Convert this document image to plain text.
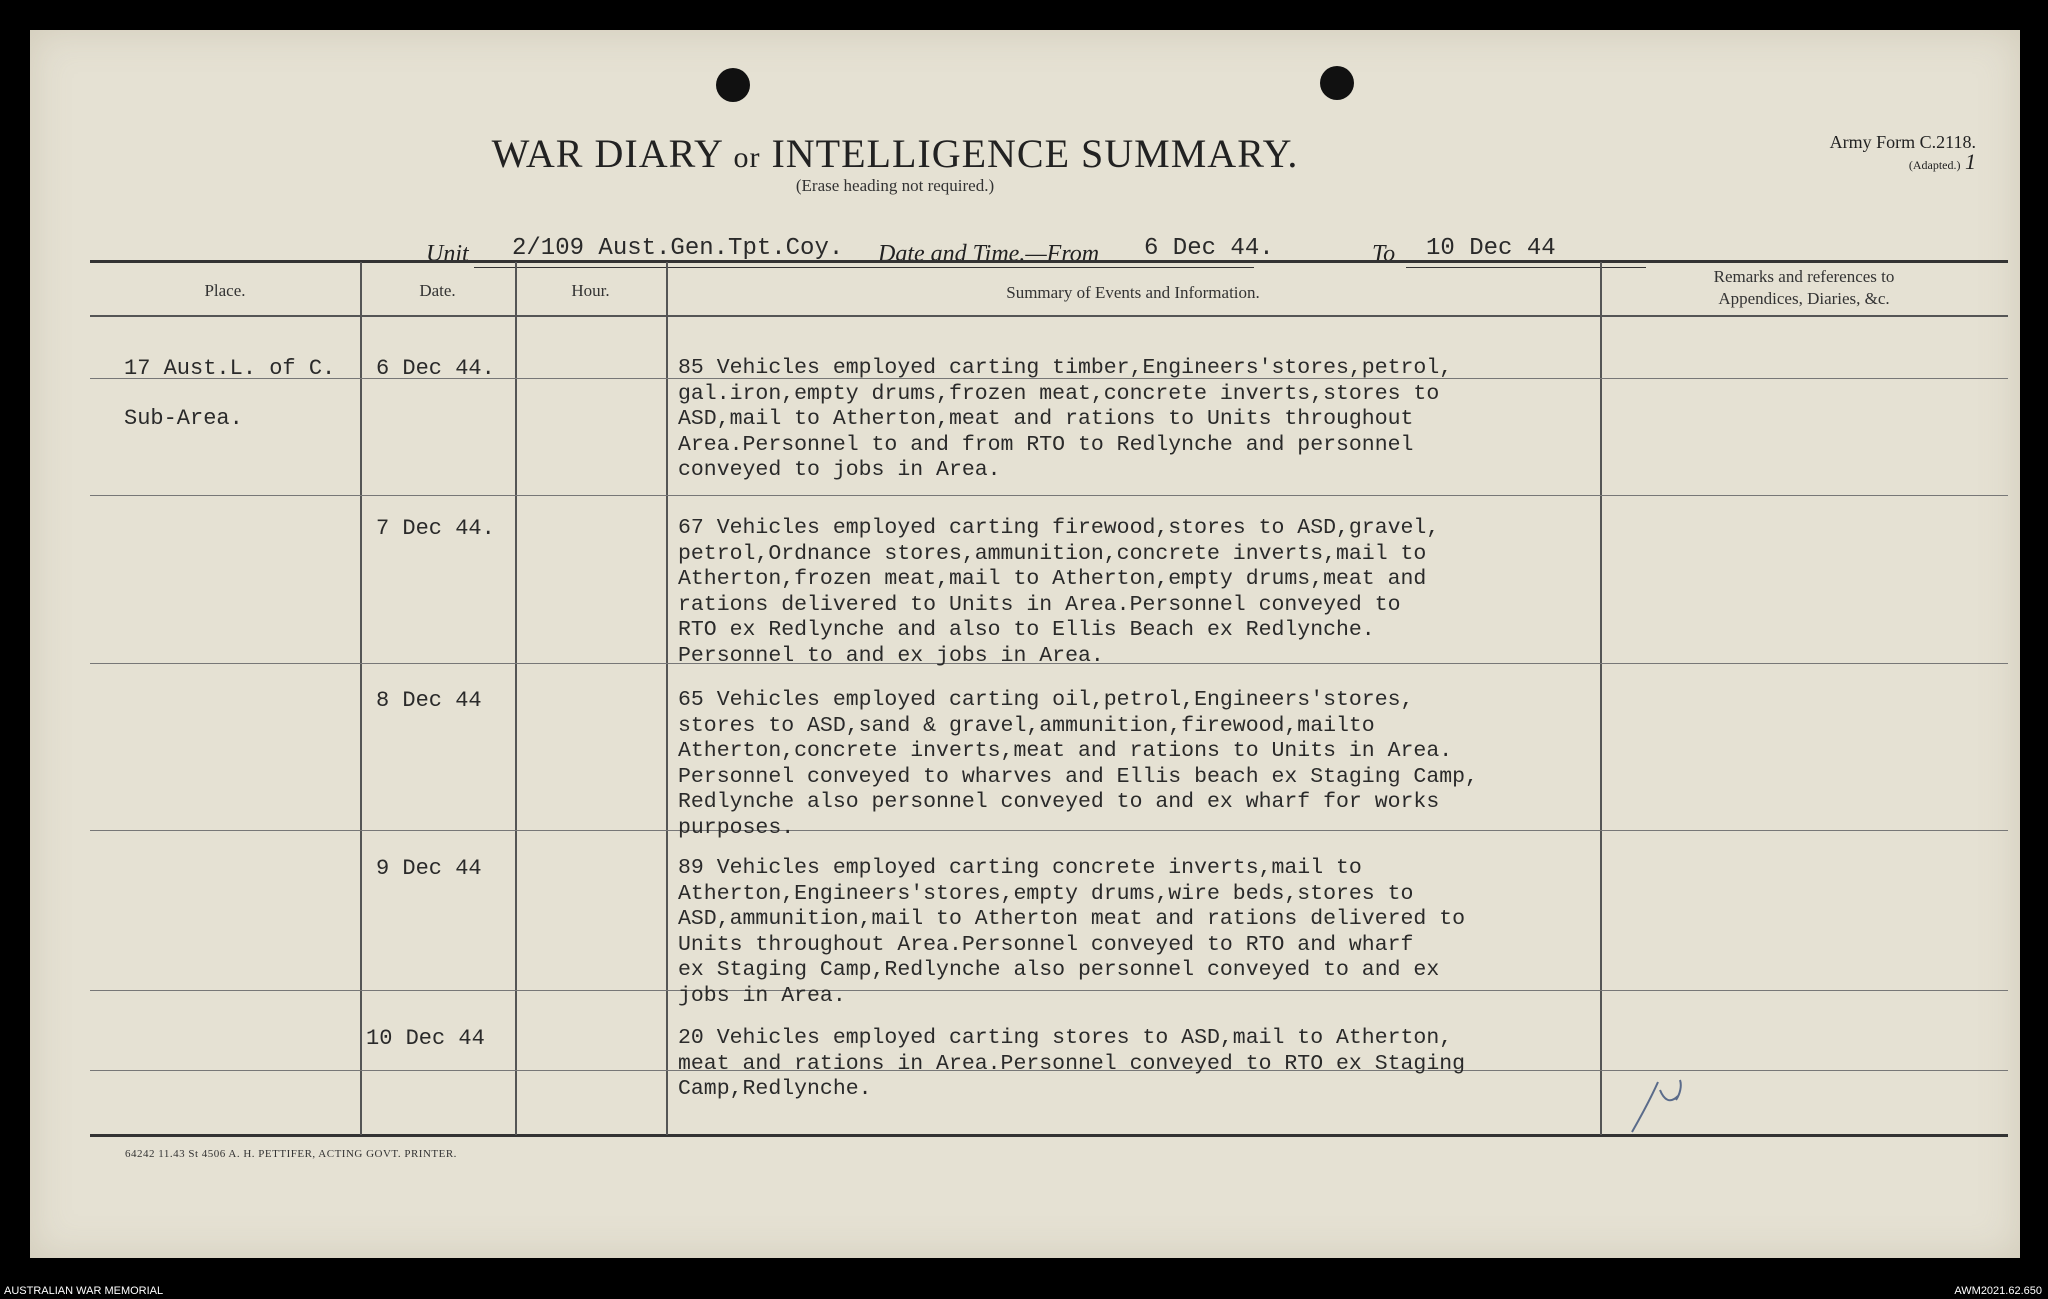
WAR DIARY or INTELLIGENCE SUMMARY.
(Erase heading not required.)
Army Form C.2118.
(Adapted.) 1
Unit 2/109 Aust.Gen.Tpt.Coy. Date and Time.—From 6 Dec 44.	To 10 Dec 44
Place.	Date.	Hour.	Summary of Events and Information.
Remarks and references to
Appendices, Diaries, &c.
17 Aust.L. of C.
Sub-Area.
6 Dec 44.	85 Vehicles employed carting timber,Engineers'stores,petrol,
gal.iron,empty drums,frozen meat,concrete inverts,stores to
ASD,mail to Atherton,meat and rations to Units throughout
Area.Personnel to and from RTO to Redlynche and personnel
conveyed to jobs in Area.
7 Dec 44.	67 Vehicles employed carting firewood,stores to ASD,gravel,
petrol,Ordnance stores,ammunition,concrete inverts,mail to
Atherton,frozen meat,mail to Atherton,empty drums,meat and
rations delivered to Units in Area.Personnel conveyed to
RTO ex Redlynche and also to Ellis Beach ex Redlynche.
Personnel to and ex jobs in Area.
8 Dec 44	65 Vehicles employed carting oil,petrol,Engineers'stores,
stores to ASD,sand & gravel,ammunition,firewood,mailto
Atherton,concrete inverts,meat and rations to Units in Area.
Personnel conveyed to wharves and Ellis beach ex Staging Camp,
Redlynche also personnel conveyed to and ex wharf for works
purposes.
9 Dec 44	89 Vehicles employed carting concrete inverts,mail to
Atherton,Engineers'stores,empty drums,wire beds,stores to
ASD,ammunition,mail to Atherton meat and rations delivered to
Units throughout Area.Personnel conveyed to RTO and wharf
ex Staging Camp,Redlynche also personnel conveyed to and ex
jobs in Area.
10 Dec 44	20 Vehicles employed carting stores to ASD,mail to Atherton,
meat and rations in Area.Personnel conveyed to RTO ex Staging
Camp,Redlynche.
64242 11.43 St 4506 A. H. PETTIFER, ACTING GOVT. PRINTER.
AUSTRALIAN WAR MEMORIAL	AWM2021.62.650
